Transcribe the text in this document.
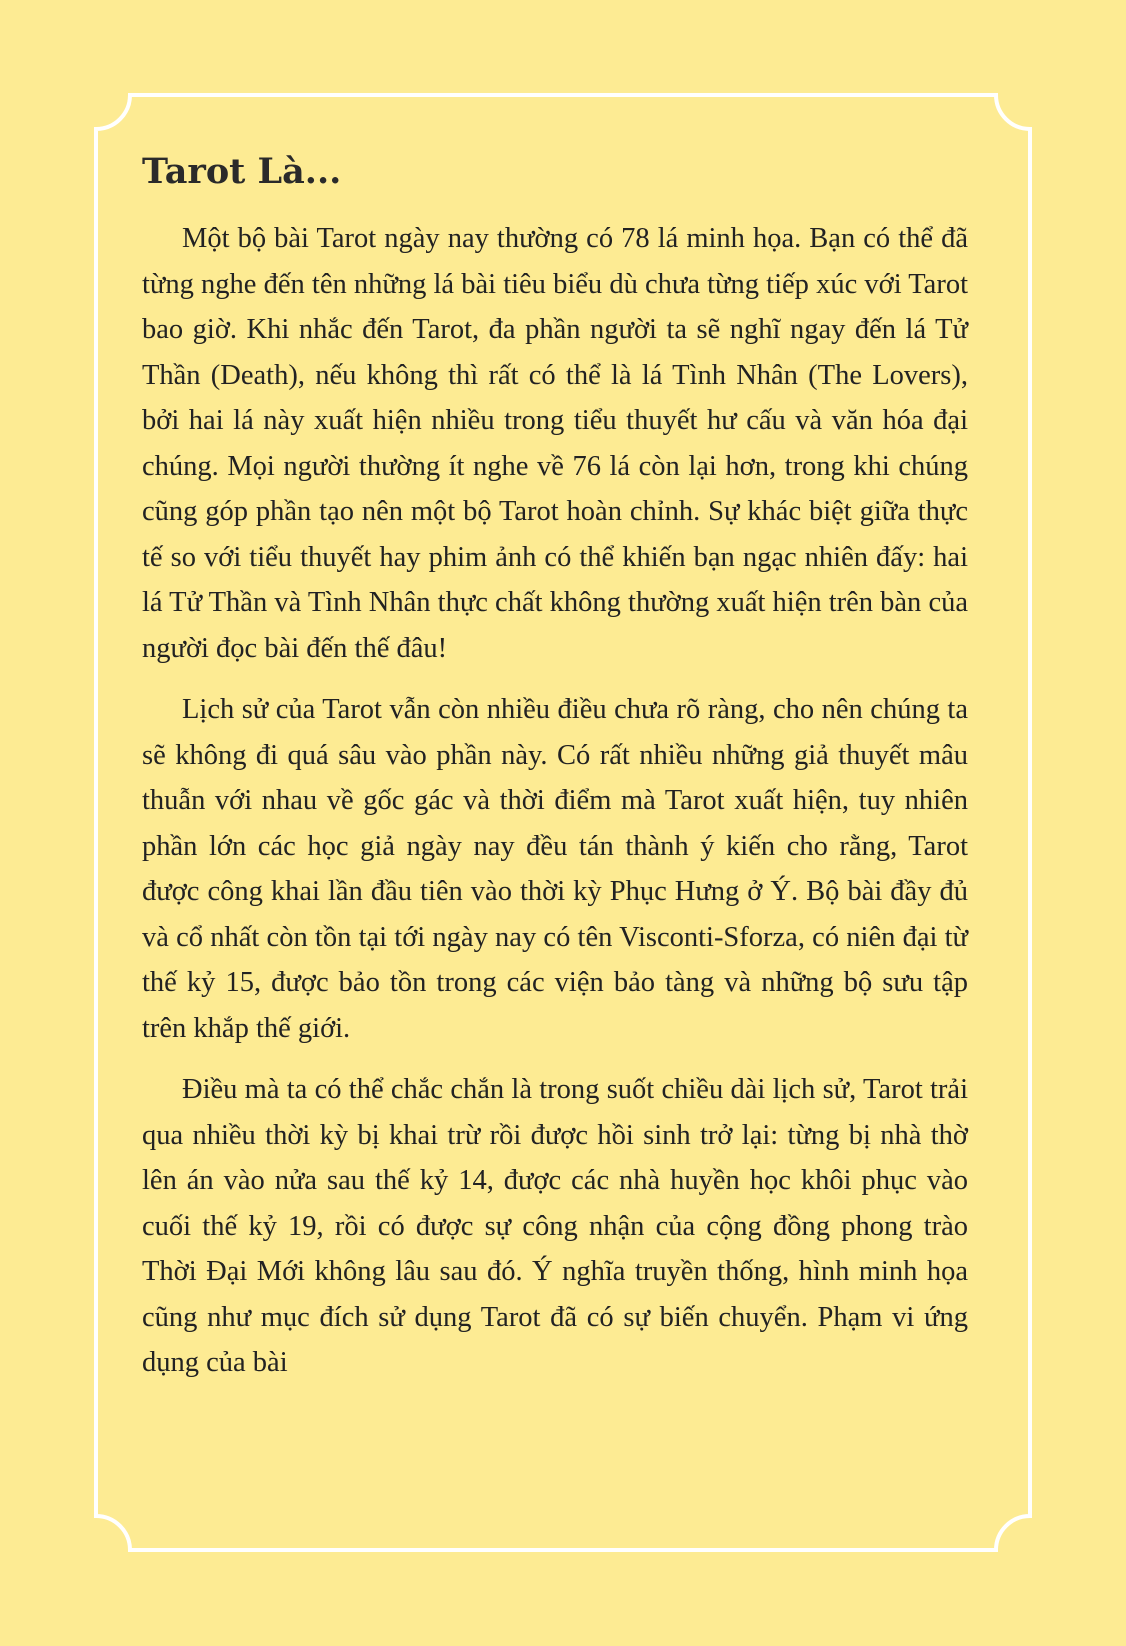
Tarot Là...

Một bộ bài Tarot ngày nay thường có 78 lá minh họa. Bạn có thể đã từng nghe đến tên những lá bài tiêu biểu dù chưa từng tiếp xúc với Tarot bao giờ. Khi nhắc đến Tarot, đa phần người ta sẽ nghĩ ngay đến lá Tử Thần (Death), nếu không thì rất có thể là lá Tình Nhân (The Lovers), bởi hai lá này xuất hiện nhiều trong tiểu thuyết hư cấu và văn hóa đại chúng. Mọi người thường ít nghe về 76 lá còn lại hơn, trong khi chúng cũng góp phần tạo nên một bộ Tarot hoàn chỉnh. Sự khác biệt giữa thực tế so với tiểu thuyết hay phim ảnh có thể khiến bạn ngạc nhiên đấy: hai lá Tử Thần và Tình Nhân thực chất không thường xuất hiện trên bàn của người đọc bài đến thế đâu!

Lịch sử của Tarot vẫn còn nhiều điều chưa rõ ràng, cho nên chúng ta sẽ không đi quá sâu vào phần này. Có rất nhiều những giả thuyết mâu thuẫn với nhau về gốc gác và thời điểm mà Tarot xuất hiện, tuy nhiên phần lớn các học giả ngày nay đều tán thành ý kiến cho rằng, Tarot được công khai lần đầu tiên vào thời kỳ Phục Hưng ở Ý. Bộ bài đầy đủ và cổ nhất còn tồn tại tới ngày nay có tên Visconti-Sforza, có niên đại từ thế kỷ 15, được bảo tồn trong các viện bảo tàng và những bộ sưu tập trên khắp thế giới.

Điều mà ta có thể chắc chắn là trong suốt chiều dài lịch sử, Tarot trải qua nhiều thời kỳ bị khai trừ rồi được hồi sinh trở lại: từng bị nhà thờ lên án vào nửa sau thế kỷ 14, được các nhà huyền học khôi phục vào cuối thế kỷ 19, rồi có được sự công nhận của cộng đồng phong trào Thời Đại Mới không lâu sau đó. Ý nghĩa truyền thống, hình minh họa cũng như mục đích sử dụng Tarot đã có sự biến chuyển. Phạm vi ứng dụng của bài
